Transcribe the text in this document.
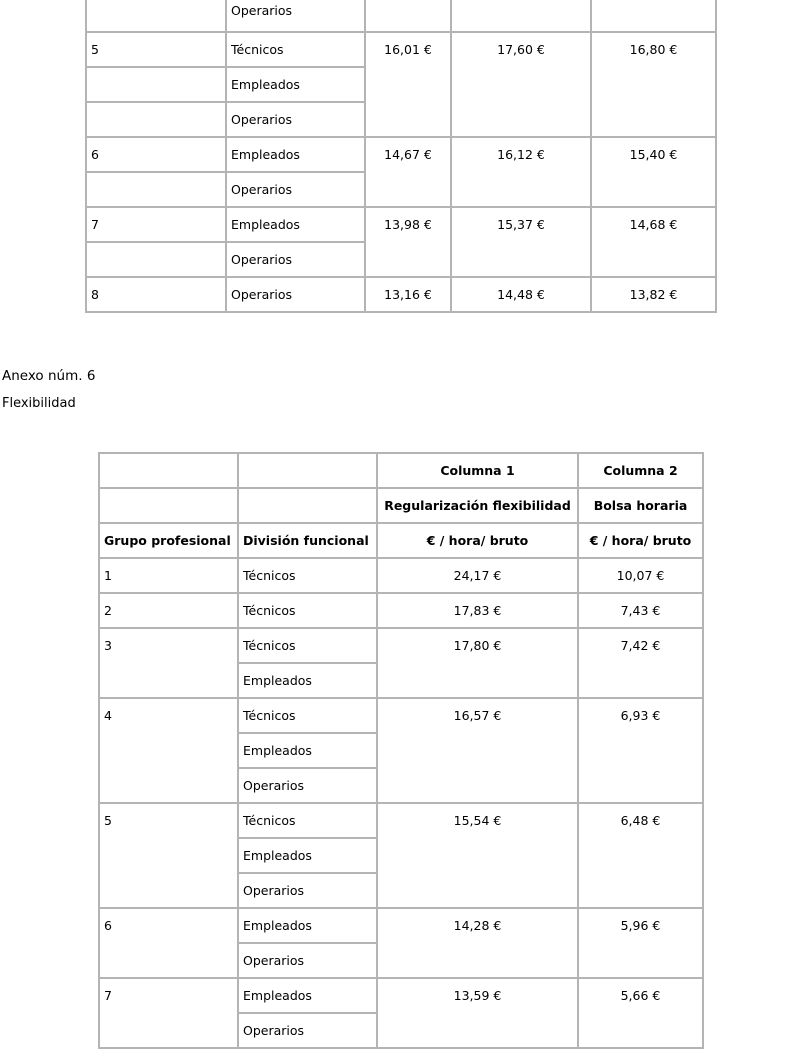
	Operarios			
5	Técnicos	16,01 €	17,60 €	16,80 €
	Empleados			
	Operarios			
6	Empleados	14,67 €	16,12 €	15,40 €
	Operarios			
7	Empleados	13,98 €	15,37 €	14,68 €
	Operarios			
8	Operarios	13,16 €	14,48 €	13,82 €
Anexo núm. 6
Flexibilidad
		Columna 1	Columna 2
		Regularización flexibilidad	Bolsa horaria
Grupo profesional	División funcional	€ / hora/ bruto	€ / hora/ bruto
1	Técnicos	24,17 €	10,07 €
2	Técnicos	17,83 €	7,43 €
3	Técnicos	17,80 €	7,42 €
	Empleados		
4	Técnicos	16,57 €	6,93 €
	Empleados		
	Operarios		
5	Técnicos	15,54 €	6,48 €
	Empleados		
	Operarios		
6	Empleados	14,28 €	5,96 €
	Operarios		
7	Empleados	13,59 €	5,66 €
	Operarios		
